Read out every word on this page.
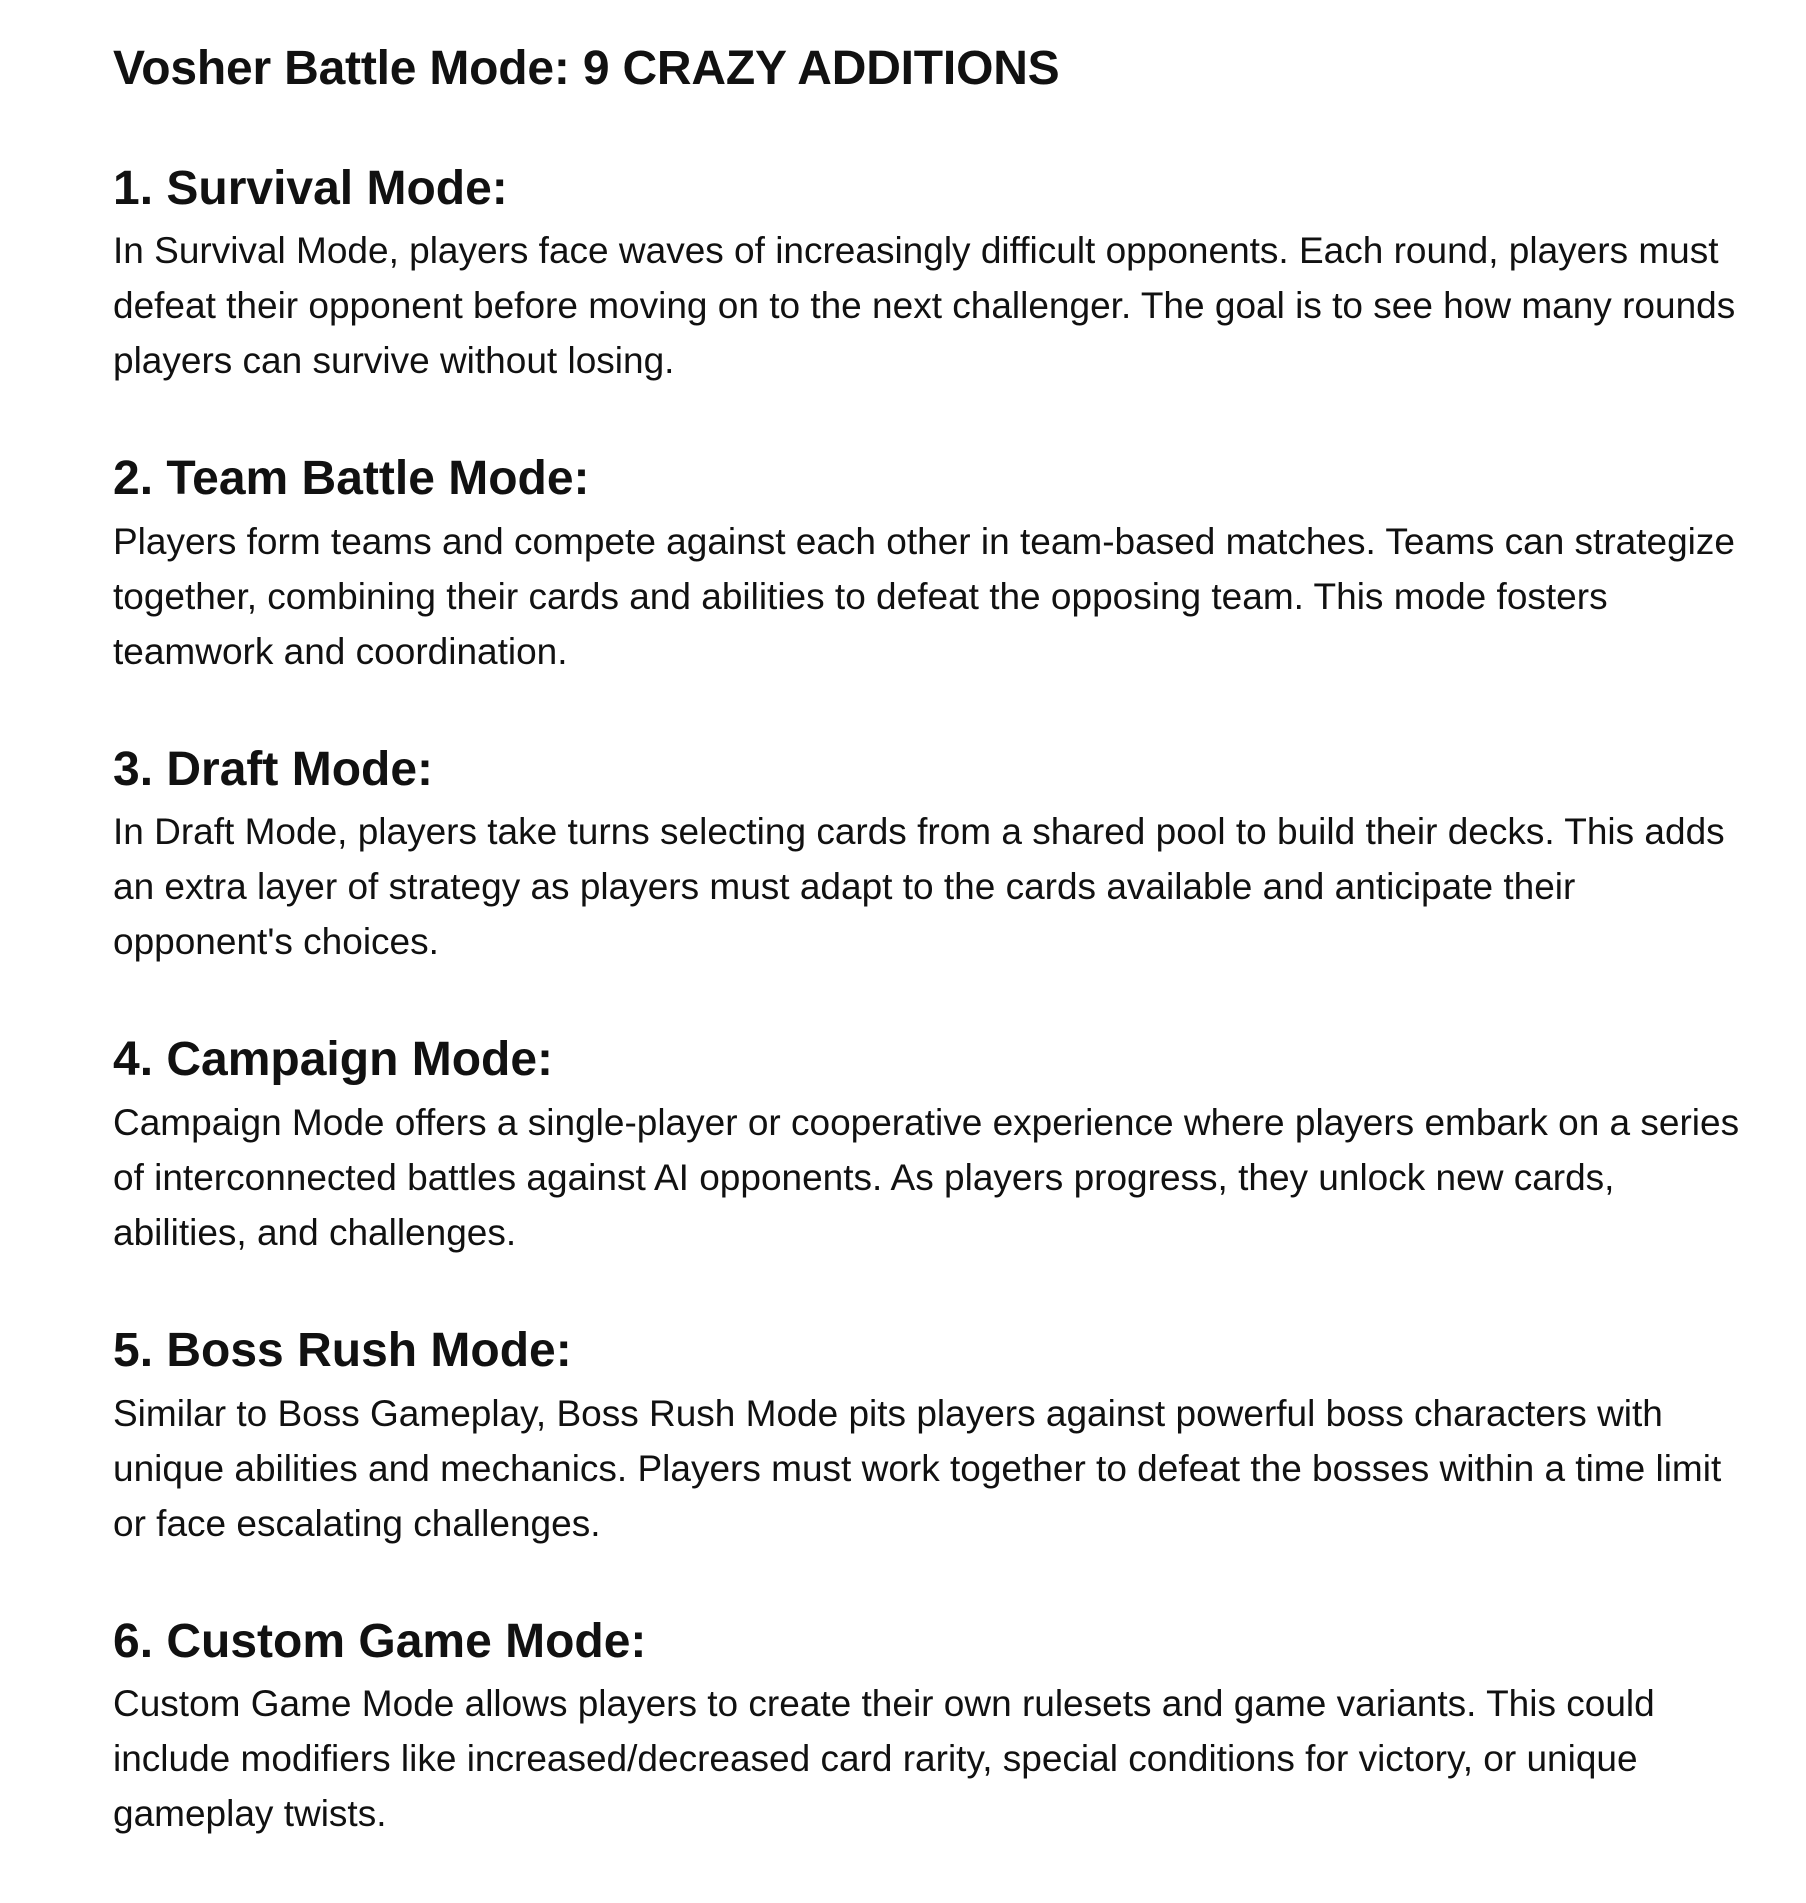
Vosher Battle Mode: 9 CRAZY ADDITIONS
1. Survival Mode:

In Survival Mode, players face waves of increasingly difficult opponents. Each round, players must defeat their opponent before moving on to the next challenger. The goal is to see how many rounds players can survive without losing.

2. Team Battle Mode:

Players form teams and compete against each other in team-based matches. Teams can strategize together, combining their cards and abilities to defeat the opposing team. This mode fosters teamwork and coordination.

3. Draft Mode:

In Draft Mode, players take turns selecting cards from a shared pool to build their decks. This adds an extra layer of strategy as players must adapt to the cards available and anticipate their opponent's choices.

4. Campaign Mode:

Campaign Mode offers a single-player or cooperative experience where players embark on a series of interconnected battles against AI opponents. As players progress, they unlock new cards, abilities, and challenges.

5. Boss Rush Mode:

Similar to Boss Gameplay, Boss Rush Mode pits players against powerful boss characters with unique abilities and mechanics. Players must work together to defeat the bosses within a time limit or face escalating challenges.

6. Custom Game Mode:

Custom Game Mode allows players to create their own rulesets and game variants. This could include modifiers like increased/decreased card rarity, special conditions for victory, or unique gameplay twists.
